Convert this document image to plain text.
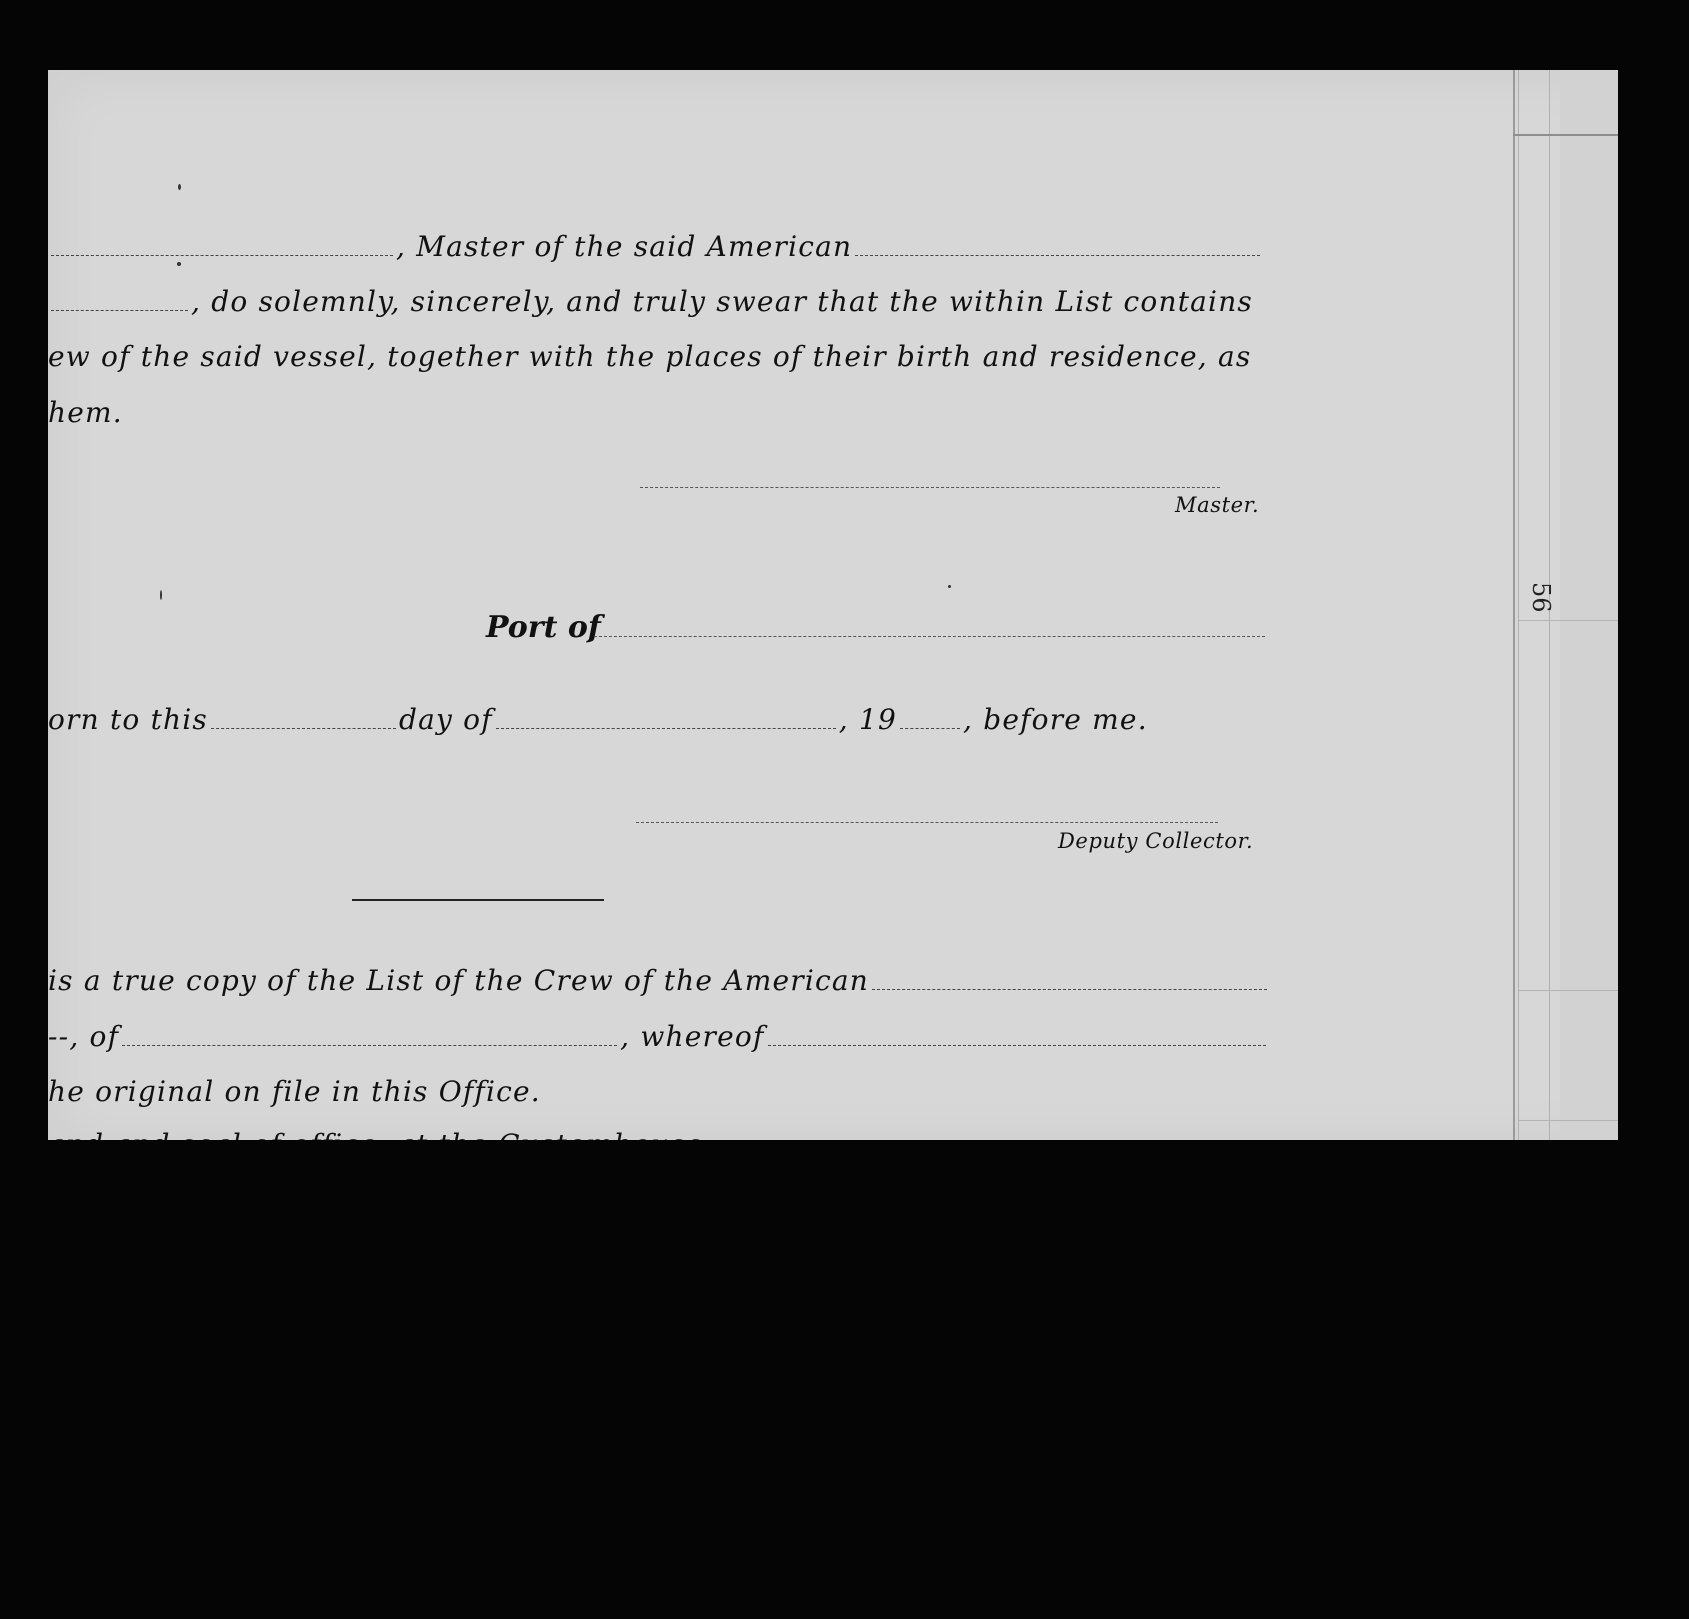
56
, Master of the said American
, do solemnly, sincerely, and truly swear that the within List contains
ew of the said vessel, together with the places of their birth and residence, as
hem.
Master.
Port of
orn to this	day of	, 19 , before me.
Deputy Collector.
is a true copy of the List of the Crew of the American
--, of	, whereof
he original on file in this Office.
